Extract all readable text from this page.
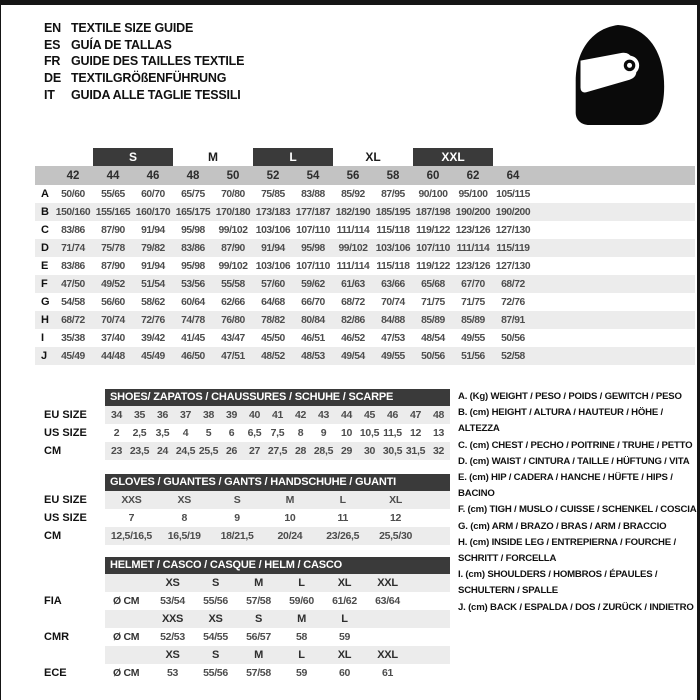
EN TEXTILE SIZE GUIDE
ES GUÍA DE TALLAS
FR GUIDE DES TAILLES TEXTILE
DE TEXTILGRÖßENFÜHRUNG
IT	GUIDA ALLE TAGLIE TESSILI
S	M	L	XL	XXL
42	44	46	48	50	52	54	56	58	60	62	64
A	50/60	55/65	60/70	65/75	70/80	75/85	83/88	85/92	87/95	90/100	95/100 105/115
B 150/160 155/165 160/170 165/175 170/180 173/183 177/187 182/190 185/195 187/198 190/200 190/200
C	83/86	87/90	91/94	95/98	99/102 103/106 107/110 111/114 115/118 119/122 123/126 127/130
D	71/74	75/78	79/82	83/86	87/90	91/94	95/98	99/102 103/106 107/110 111/114 115/119
E	83/86	87/90	91/94	95/98	99/102 103/106 107/110 111/114 115/118 119/122 123/126 127/130
F	47/50	49/52	51/54	53/56	55/58	57/60	59/62	61/63	63/66	65/68	67/70	68/72
G	54/58	56/60	58/62	60/64	62/66	64/68	66/70	68/72	70/74	71/75	71/75	72/76
H	68/72	70/74	72/76	74/78	76/80	78/82	80/84	82/86	84/88	85/89	85/89	87/91
I	35/38	37/40	39/42	41/45	43/47	45/50	46/51	46/52	47/53	48/54	49/55	50/56
J	45/49	44/48	45/49	46/50	47/51	48/52	48/53	49/54	49/55	50/56	51/56	52/58
SHOES/ ZAPATOS / CHAUSSURES / SCHUHE / SCARPE
EU SIZE	34	35	36	37	38	39	40	41	42	43	44	45	46	47	48
US SIZE	2	2,5 3,5	4	5	6	6,5 7,5	8	9	10 10,5 11,5 12	13
CM	23 23,5 24 24,5 25,5 26	27 27,5 28 28,5 29	30 30,5 31,5 32
GLOVES / GUANTES / GANTS / HANDSCHUHE / GUANTI
EU SIZE	XXS	XS	S	M	L	XL
US SIZE	7	8	9	10	11	12
CM	12,5/16,5	16,5/19	18/21,5	20/24	23/26,5	25,5/30
HELMET / CASCO / CASQUE / HELM / CASCO
XS	S	M	L	XL	XXL
FIA	Ø CM	53/54	55/56	57/58	59/60	61/62	63/64
XXS	XS	S	M	L
CMR	Ø CM	52/53	54/55	56/57	58	59
XS	S	M	L	XL	XXL
ECE	Ø CM	53	55/56	57/58	59	60	61
A. (Kg) WEIGHT / PESO / POIDS / GEWITCH / PESO
B. (cm) HEIGHT / ALTURA / HAUTEUR / HÖHE / ALTEZZA
C. (cm) CHEST / PECHO / POITRINE / TRUHE / PETTO
D. (cm) WAIST / CINTURA / TAILLE / HÜFTUNG / VITA
E. (cm) HIP / CADERA / HANCHE / HÜFTE / HIPS / BACINO
F. (cm) TIGH / MUSLO / CUISSE / SCHENKEL / COSCIA
G. (cm) ARM / BRAZO / BRAS / ARM / BRACCIO
H. (cm) INSIDE LEG / ENTREPIERNA / FOURCHE / SCHRITT / FORCELLA
I. (cm) SHOULDERS / HOMBROS / ÉPAULES / SCHULTERN / SPALLE
J. (cm) BACK / ESPALDA / DOS / ZURÜCK / INDIETRO
